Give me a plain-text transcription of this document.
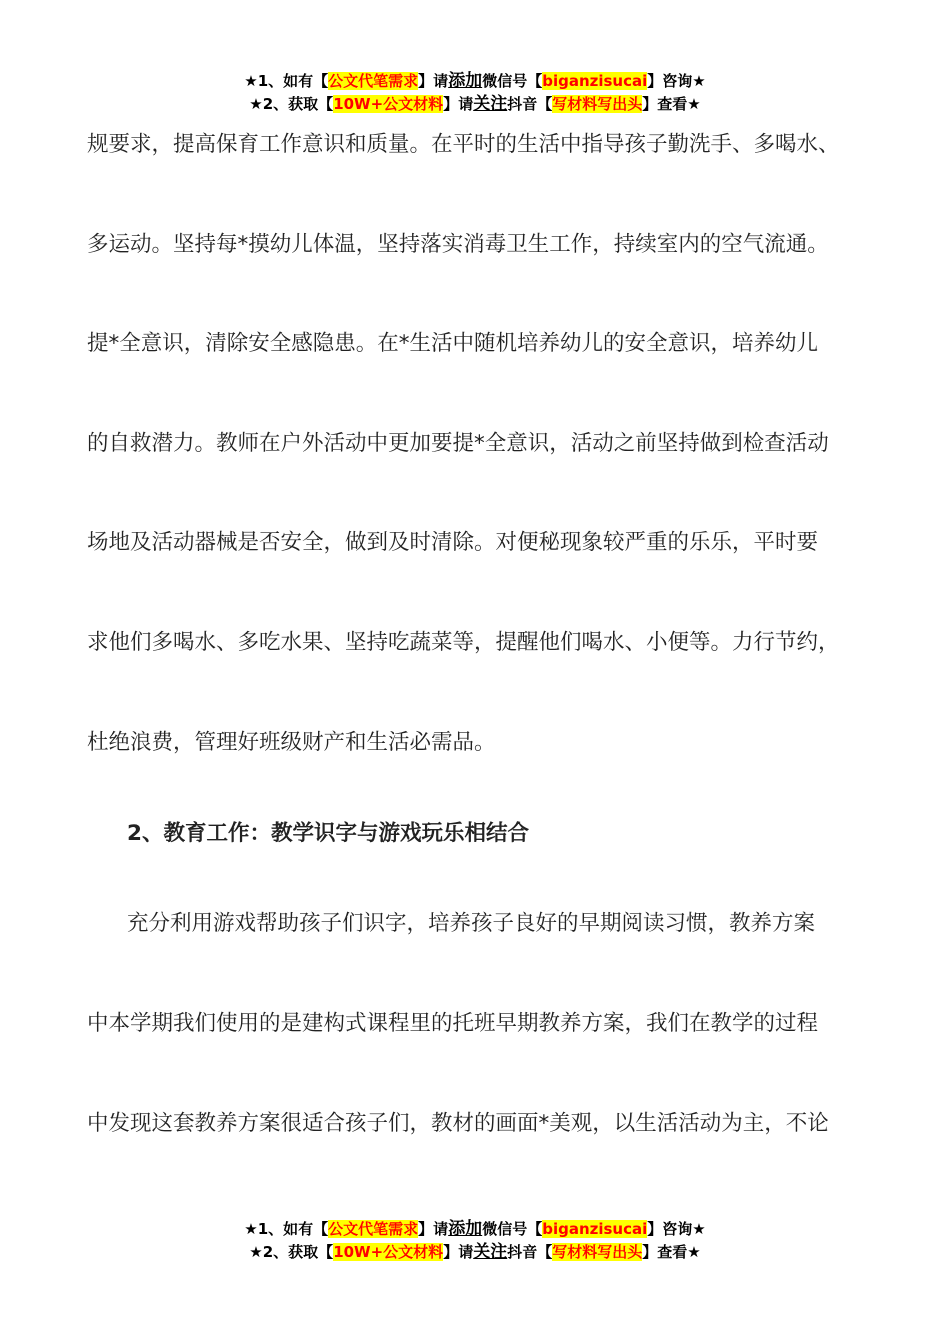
★1、如有【公文代笔需求】请添加微信号【biganzisucai】咨询★
★2、获取【10W+公文材料】请关注抖音【写材料写出头】查看★
规要求，提高保育工作意识和质量。在平时的生活中指导孩子勤洗手、多喝水、
多运动。坚持每*摸幼儿体温，坚持落实消毒卫生工作，持续室内的空气流通。
提*全意识，清除安全感隐患。在*生活中随机培养幼儿的安全意识，培养幼儿
的自救潜力。教师在户外活动中更加要提*全意识，活动之前坚持做到检查活动
场地及活动器械是否安全，做到及时清除。对便秘现象较严重的乐乐，平时要
求他们多喝水、多吃水果、坚持吃蔬菜等，提醒他们喝水、小便等。力行节约，
杜绝浪费，管理好班级财产和生活必需品。
2、教育工作：教学识字与游戏玩乐相结合
充分利用游戏帮助孩子们识字，培养孩子良好的早期阅读习惯，教养方案
中本学期我们使用的是建构式课程里的托班早期教养方案，我们在教学的过程
中发现这套教养方案很适合孩子们，教材的画面*美观，以生活活动为主，不论
★1、如有【公文代笔需求】请添加微信号【biganzisucai】咨询★
★2、获取【10W+公文材料】请关注抖音【写材料写出头】查看★
